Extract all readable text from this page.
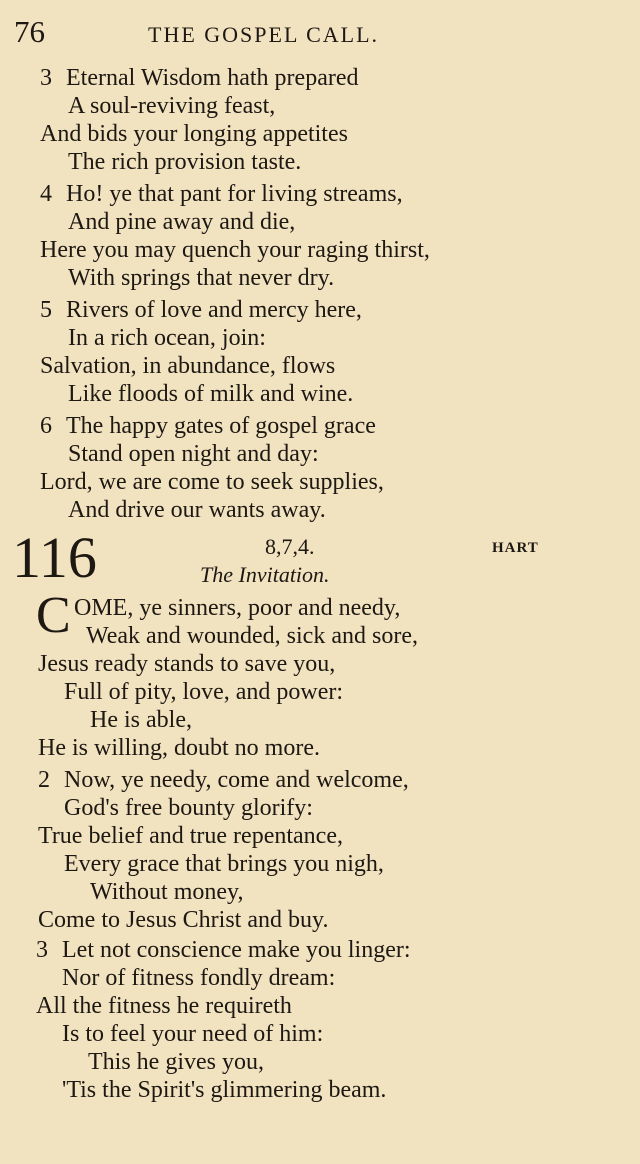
76	THE GOSPEL CALL.
3 Eternal Wisdom hath prepared
A soul-reviving feast,
And bids your longing appetites
The rich provision taste.
4 Ho! ye that pant for living streams,
And pine away and die,
Here you may quench your raging thirst,
With springs that never dry.
5 Rivers of love and mercy here,
In a rich ocean, join:
Salvation, in abundance, flows
Like floods of milk and wine.
6 The happy gates of gospel grace
Stand open night and day:
Lord, we are come to seek supplies,
And drive our wants away.
116	8,7,4.	HART
The Invitation.
C OME, ye sinners, poor and needy,
Weak and wounded, sick and sore,
Jesus ready stands to save you,
Full of pity, love, and power:
He is able,
He is willing, doubt no more.
2 Now, ye needy, come and welcome,
God's free bounty glorify:
True belief and true repentance,
Every grace that brings you nigh,
Without money,
Come to Jesus Christ and buy.
3 Let not conscience make you linger:
Nor of fitness fondly dream:
All the fitness he requireth
Is to feel your need of him:
This he gives you,
'Tis the Spirit's glimmering beam.
